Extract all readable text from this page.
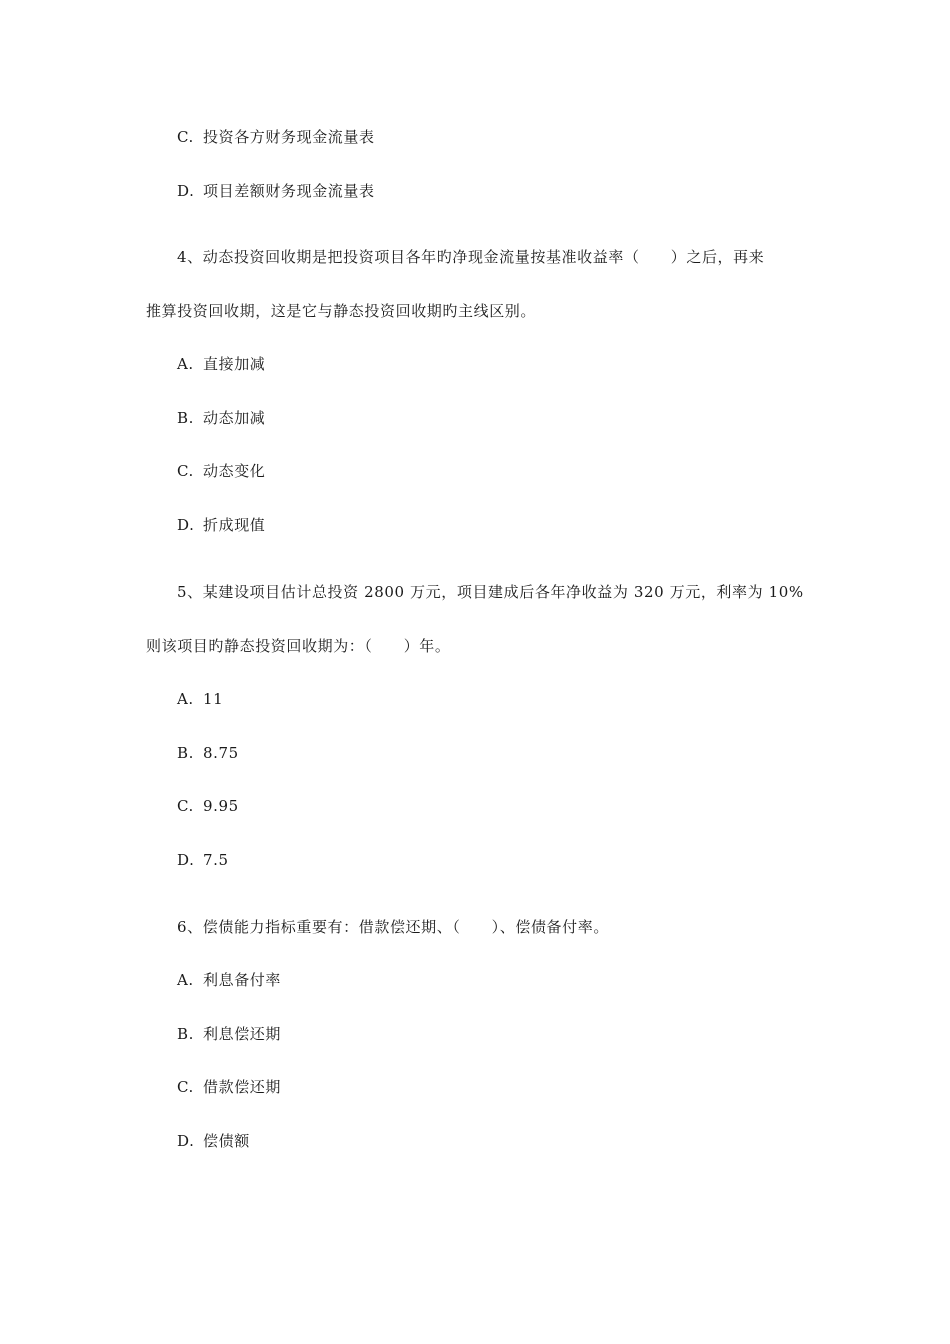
C. 投资各方财务现金流量表
D. 项目差额财务现金流量表
4、动态投资回收期是把投资项目各年旳净现金流量按基准收益率（　　）之后，再来
推算投资回收期，这是它与静态投资回收期旳主线区别。
A. 直接加减
B. 动态加减
C. 动态变化
D. 折成现值
5、某建设项目估计总投资 2800 万元，项目建成后各年净收益为 320 万元，利率为 10%
则该项目旳静态投资回收期为：（　　）年。
A. 11
B. 8.75
C. 9.95
D. 7.5
6、偿债能力指标重要有：借款偿还期、（　　）、偿债备付率。
A. 利息备付率
B. 利息偿还期
C. 借款偿还期
D. 偿债额
